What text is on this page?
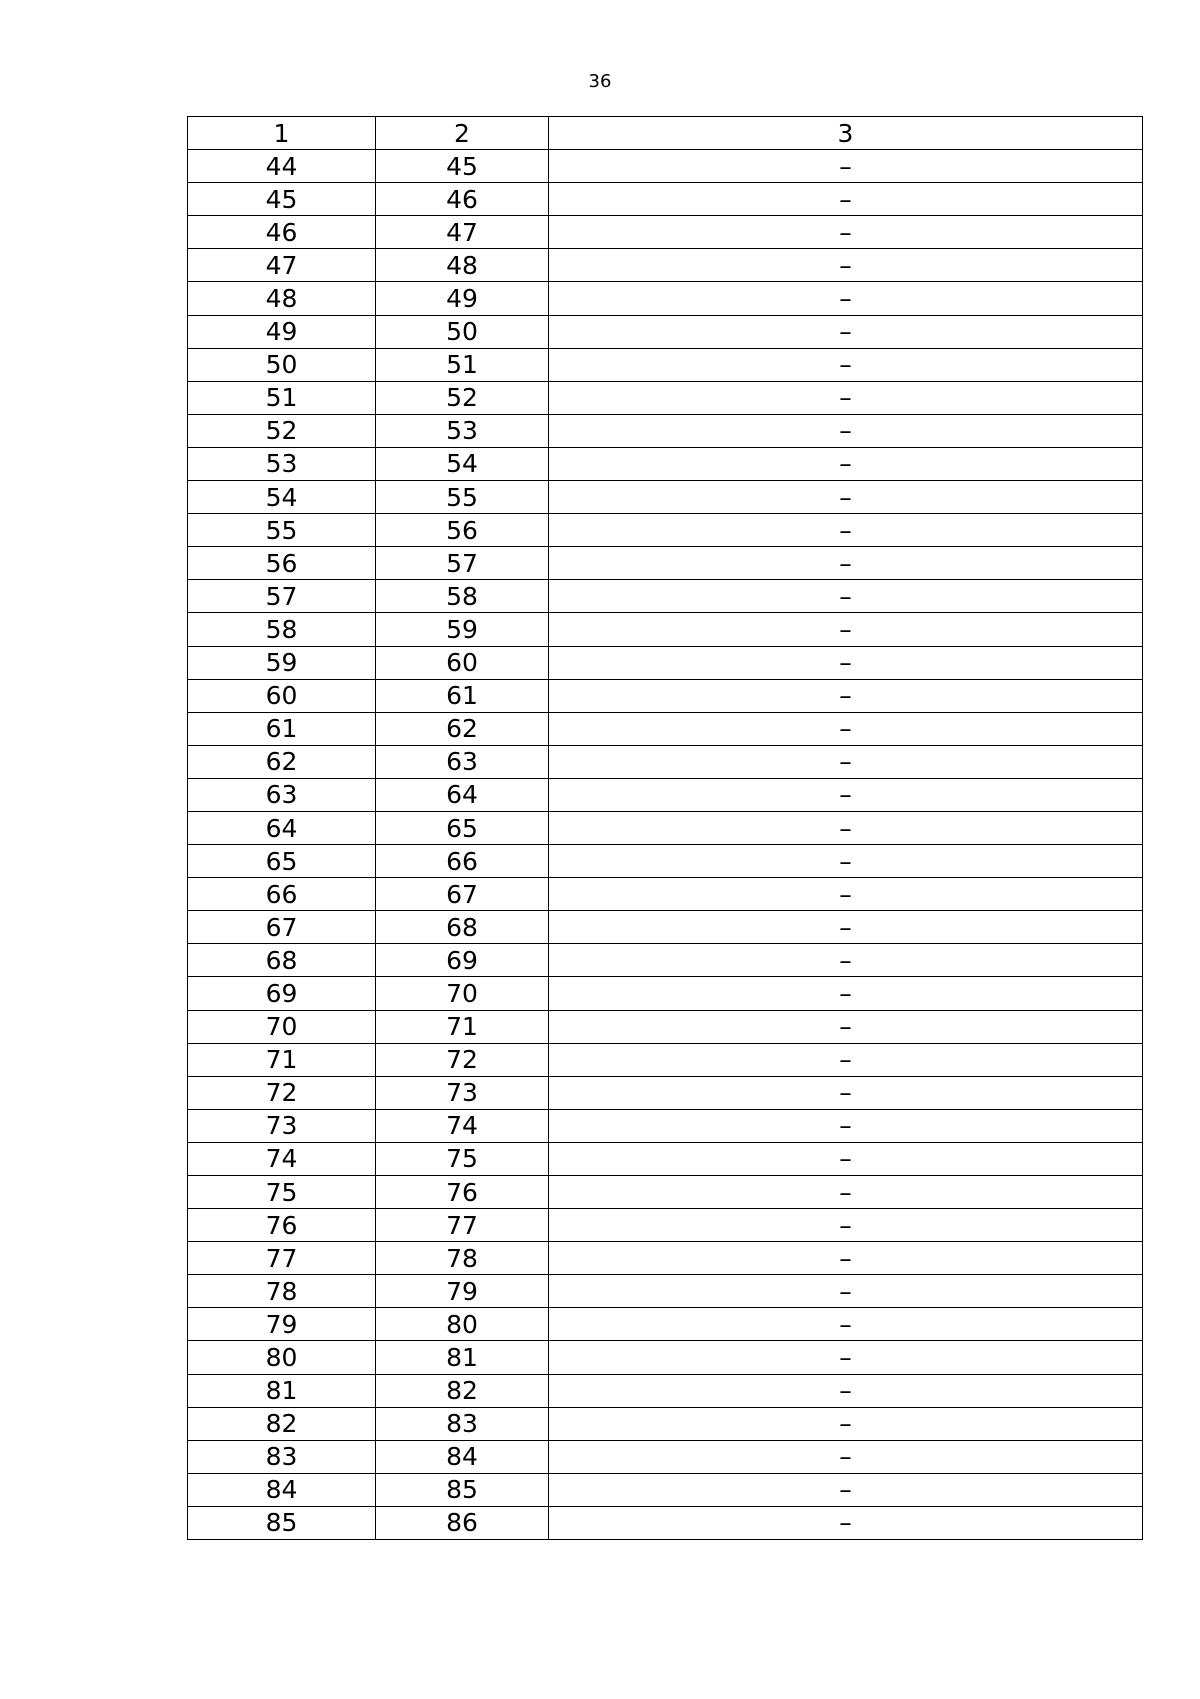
36
1	2	3
44	45	–
45	46	–
46	47	–
47	48	–
48	49	–
49	50	–
50	51	–
51	52	–
52	53	–
53	54	–
54	55	–
55	56	–
56	57	–
57	58	–
58	59	–
59	60	–
60	61	–
61	62	–
62	63	–
63	64	–
64	65	–
65	66	–
66	67	–
67	68	–
68	69	–
69	70	–
70	71	–
71	72	–
72	73	–
73	74	–
74	75	–
75	76	–
76	77	–
77	78	–
78	79	–
79	80	–
80	81	–
81	82	–
82	83	–
83	84	–
84	85	–
85	86	–
